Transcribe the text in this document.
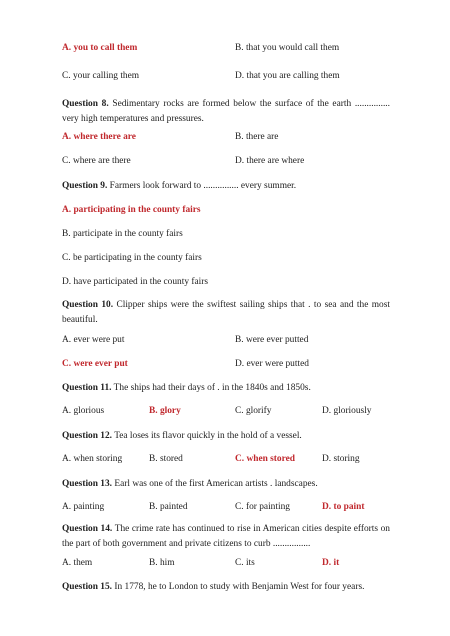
A. you to call them	B. that you would call them
C. your calling them	D. that you are calling them
Question 8. Sedimentary rocks are formed below the surface of the earth ............... very high temperatures and pressures.
A. where there are	B. there are
C. where are there	D. there are where
Question 9. Farmers look forward to ............... every summer.
A. participating in the county fairs
B. participate in the county fairs
C. be participating in the county fairs
D. have participated in the county fairs
Question 10. Clipper ships were the swiftest sailing ships that . to sea and the most beautiful.
A. ever were put	B. were ever putted
C. were ever put	D. ever were putted
Question 11. The ships had their days of . in the 1840s and 1850s.
A. glorious	B. glory	C. glorify	D. gloriously
Question 12. Tea loses its flavor quickly in the hold of a vessel.
A. when storing	B. stored	C. when stored	D. storing
Question 13. Earl was one of the first American artists . landscapes.
A. painting	B. painted	C. for painting	D. to paint
Question 14. The crime rate has continued to rise in American cities despite efforts on the part of both government and private citizens to curb ................
A. them	B. him	C. its	D. it
Question 15. In 1778, he to London to study with Benjamin West for four years.
